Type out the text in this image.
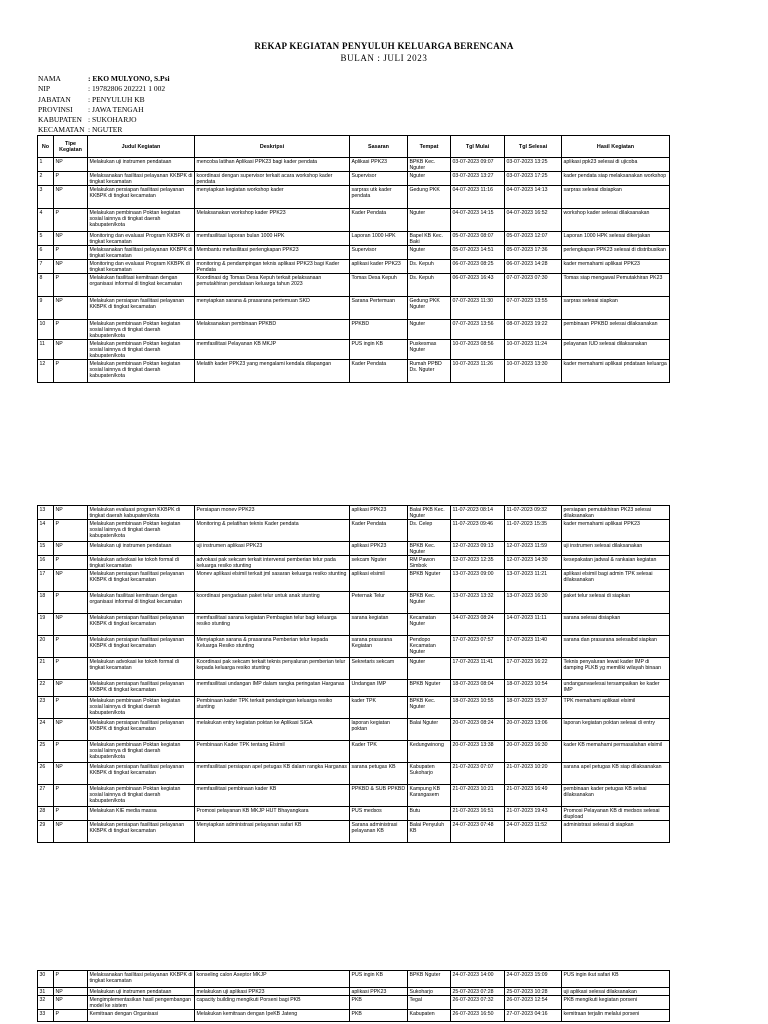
REKAP KEGIATAN PENYULUH KELUARGA BERENCANA
BULAN : JULI 2023
NAMA	: EKO MULYONO, S.Psi
NIP	: 19782806 202221 1 002
JABATAN	: PENYULUH KB
PROVINSI	: JAWA TENGAH
KABUPATEN : SUKOHARJO
KECAMATAN : NGUTER
No	Tipe Kegiatan	Judul Kegiatan	Deskripsi	Sasaran	Tempat	Tgl Mulai	Tgl Selesai	Hasil Kegiatan
1	NP	Melakukan uji instrumen pendataan	mencoba latihan Aplikasi PPK23 bagi kader pendata	Aplikasi PPK23	BPKB Kec. Nguter	03-07-2023 09:07	03-07-2023 13:25	aplikasi ppk23 selesai di ujicoba
2	P	Melaksanakan fasilitasi pelayanan KKBPK di tingkat kecamatan	koordinasi dengan supervisor terkait acara workshop kader pendata	Supervisor	Nguter	03-07-2023 13:27	03-07-2023 17:25	kader pendata siap melaksanakan workshop
3	NP	Melakukan persiapan fasilitasi pelayanan KKBPK di tingkat kecamatan	menyiapkan kegiatan workshop kader	sarpras utk kader pendata	Gedung PKK	04-07-2023 11:16	04-07-2023 14:13	sarpras selesai disiapkan
4	P	Melakukan pembinaan Poktan kegiatan sosial lainnya di tingkat daerah kabupaten/kota	Melaksanakan workshop kader PPK23	Kader Pendata	Nguter	04-07-2023 14:15	04-07-2023 16:52	workshop kader selesai dilaksanakan
5	NP	Monitoring dan evaluasi Program KKBPK di tingkat kecamatan	memfasilitasi laporan bulan 1000 HPK	Laporan 1000 HPK	Bapel KB Kec. Baki	05-07-2023 08:07	05-07-2023 12:07	Laporan 1000 HPK selesai dikerjakan
6	P	Melaksanakan fasilitasi pelayanan KKBPK di tingkat kecamatan	Membantu mefasilitasi perlengkapan PPK23	Supervisor	Nguter	05-07-2023 14:51	05-07-2023 17:36	perlengkapan PPK23 selesai di distribusikan
7	NP	Monitoring dan evaluasi Program KKBPK di tingkat kecamatan	monitoring & pendampingan teknis aplikasi PPK23 bagi Kader Pendata	aplikasi kader PPK23	Ds. Kepuh	06-07-2023 08:25	06-07-2023 14:28	kader memahami aplikasi PPK23
8	P	Melakukan fasilitasi kemitraan dengan organisasi informal di tingkat kecamatan	Koordinasi dg Tomas Desa Kepuh terkait pelaksanaan pemutakhiran pendataan keluarga tahun 2023	Tomas Desa Kepuh	Ds. Kepuh	06-07-2023 16:43	07-07-2023 07:30	Tomas siap mengawal Pemutakhiran PK23
9	NP	Melakukan persiapan fasilitasi pelayanan KKBPK di tingkat kecamatan	menyiapkan sarana & prasarana pertemuan SKD	Sarana Pertemuan	Gedung PKK Nguter	07-07-2023 11:30	07-07-2023 13:55	sarpras selesai siapkan
10	P	Melakukan pembinaan Poktan kegiatan sosial lainnya di tingkat daerah kabupaten/kota	Melaksanakan pembinaan PPKBD	PPKBD	Nguter	07-07-2023 13:56	08-07-2023 19:22	pembinaan PPKBD selesai dilaksanakan
11	NP	Melakukan pembinaan Poktan kegiatan sosial lainnya di tingkat daerah kabupaten/kota	memfasilitasi Pelayanan KB MKJP	PUS ingin KB	Puskesmas Nguter	10-07-2023 08:56	10-07-2023 11:24	pelayanan IUD selesai dilaksanakan
12	P	Melakukan pembinaan Poktan kegiatan sosial lainnya di tingkat daerah kabupaten/kota	Melatih kader PPK23 yang mengalami kendala dilapangan	Kader Pendata	Rumah PPBD Ds. Nguter	10-07-2023 11:26	10-07-2023 13:30	kader memahami aplikasi pndataan keluarga
13	NP	Melakukan evaluasi program KKBPK di tingkat daerah kabupaten/kota	Persiapan monev PPK23	aplikasi PPK23	Balai PKB Kec. Nguter	11-07-2023 08:14	11-07-2023 09:32	persiapan pemutakhiran PK23 selesai dilaksanakan
14	P	Melakukan pembinaan Poktan kegiatan sosial lainnya di tingkat daerah kabupaten/kota	Monitoring & pelatihan teknis Kader pendata	Kader Pendata	Ds. Celep	11-07-2023 09:46	11-07-2023 15:35	kader memahami aplikasi PPK23
15	NP	Melakukan uji instrumen pendataan	uji instrumen aplikasi PPK23	aplikasi PPK23	BPKB Kec. Nguter	12-07-2023 09:13	12-07-2023 11:59	uji instrumen selesai dilaksanakan
16	P	Melakukan advokasi ke tokoh formal di tingkat kecamatan	advokasi pak sekcam terkait intervensi pemberian telur pada keluarga resiko stunting	sekcam Nguter	RM Pawon Simbok	12-07-2023 12:35	12-07-2023 14:30	kesepakatan jadwal & rankaian kegiatan
17	NP	Melakukan persiapan fasilitasi pelayanan KKBPK di tingkat kecamatan	Monev aplikasi elsimil terkait jml sasaran keluarga resiko stunting	aplikasi elsimil	BPKB Nguter	13-07-2023 09:00	13-07-2023 11:21	aplikasi elsimil bagi admin TPK selesai dilaksanakan
18	P	Melakukan fasilitasi kemitraan dengan organisasi informal di tingkat kecamatan	koordinasi pengadaan paket telur untuk anak stunting	Peternak Telur	BPKB Kec. Nguter	13-07-2023 13:32	13-07-2023 16:30	paket telur selesai di siapkan
19	NP	Melakukan persiapan fasilitasi pelayanan KKBPK di tingkat kecamatan	memfasilitasi sarana kegiatan Pembagian telur bagi keluarga resiko stunting	sarana kegiatan	Kecamatan Nguter	14-07-2023 08:24	14-07-2023 11:11	sarana selesai disiapkan
20	P	Melakukan persiapan fasilitasi pelayanan KKBPK di tingkat kecamatan	Menyiapkan sarana & prasarana Pemberian telur kepada Keluarga Resiko stunting	sarana prasarana Kegiatan	Pendopo Kecamatan Nguter	17-07-2023 07:57	17-07-2023 11:40	sarana dan prasarana selesaibd siapkan
21	P	Melakukan advokasi ke tokoh formal di tingkat kecamatan	Koordinasi pak sekcam terkait teknis penyaluran pemberian telur kepada keluarga resiko stunting	Sekretaris sekcam	Nguter	17-07-2023 11:41	17-07-2023 16:22	Teknis penyaluran lewat kader IMP di damping PLKB yg memiliki wilayah binaan
22	NP	Melakukan persiapan fasilitasi pelayanan KKBPK di tingkat kecamatan	memfasilitasi undangan IMP dalam rangka peringatan Harganas	Undangan IMP	BPKB Nguter	18-07-2023 08:04	18-07-2023 10:54	undanganvaelesai tersampaikan ke kader IMP
23	P	Melakukan pembinaan Poktan kegiatan sosial lainnya di tingkat daerah kabupaten/kota	Pembinaan kader TPK terkait pendapingan keluarga resiko stunting	kader TPK	BPKB Kec. Nguter	18-07-2023 10:55	18-07-2023 15:37	TPK memahami aplikasi elsimil
24	NP	Melakukan persiapan fasilitasi pelayanan KKBPK di tingkat kecamatan	melakukan entry kegiatan poktan ke Aplikasi SIGA	laporan kegiatan poktan	Balai Nguter	20-07-2023 08:24	20-07-2023 13:06	laporan kegiatan poktan selesai di entry
25	P	Melakukan pembinaan Poktan kegiatan sosial lainnya di tingkat daerah kabupaten/kota	Pembinaan Kader TPK tentang Elsimil	Kader TPK	Kedungwinong	20-07-2023 13:38	20-07-2023 16:30	kader KB memahami permasalahan elsimil
26	NP	Melakukan persiapan fasilitasi pelayanan KKBPK di tingkat kecamatan	memfasilitasi persiapan apel petugas KB dalam rangka Harganas	sarana petugas KB	Kabupaten Sukoharjo	21-07-2023 07:07	21-07-2023 10:20	sarana apel petugas KB siap dilaksanakan
27	P	Melakukan pembinaan Poktan kegiatan sosial lainnya di tingkat daerah kabupaten/kota	memfasilitasi pembinaan kader KB	PPKBD & SUB PPKBD	Kampung KB Karangasem	21-07-2023 10:21	21-07-2023 16:49	pembinaan kader petugas KB selsai dilaksanakan
28	P	Melakukan KIE media massa	Promosi pelayanan KB MKJP HUT Bhayangkara	PUS medsos	Butu	21-07-2023 16:51	21-07-2023 19:43	Promosi Pelayanan KB di medsos selesai diupload
29	NP	Melakukan persiapan fasilitasi pelayanan KKBPK di tingkat kecamatan	Menyiapkan administrasi pelayanan safari KB	Sarana administrasi pelayanan KB	Balai Penyuluh KB	24-07-2023 07:48	24-07-2023 11:52	administrasi selesai di siapkan
30	P	Melaksanakan fasilitasi pelayanan KKBPK di tingkat kecamatan	konseling calon Aseptor MKJP	PUS ingin KB	BPKB Nguter	24-07-2023 14:00	24-07-2023 15:09	PUS ingin ikut safari KB
31	NP	Melakukan uji instrumen pendataan	melakukan uji aplikasi PPK23	aplikasi PPK23	Sukoharjo	25-07-2023 07:28	25-07-2023 10:28	uji aplikasi selesai dilaksanakan
32	NP	Mengimplementasikan hasil pengembangan model ke sistem	capacity building mengikuti Porseni bagi PKB	PKB	Tegal	26-07-2023 07:32	26-07-2023 12:54	PKB mengikuti kegiatan porseni
33	P	Kemitraan dengan Organisasi	Melakukan kemitraan dengan IpeKB Jateng	PKB	Kabupaten	26-07-2023 16:50	27-07-2023 04:16	kemitraan terjalin melalui porseni
